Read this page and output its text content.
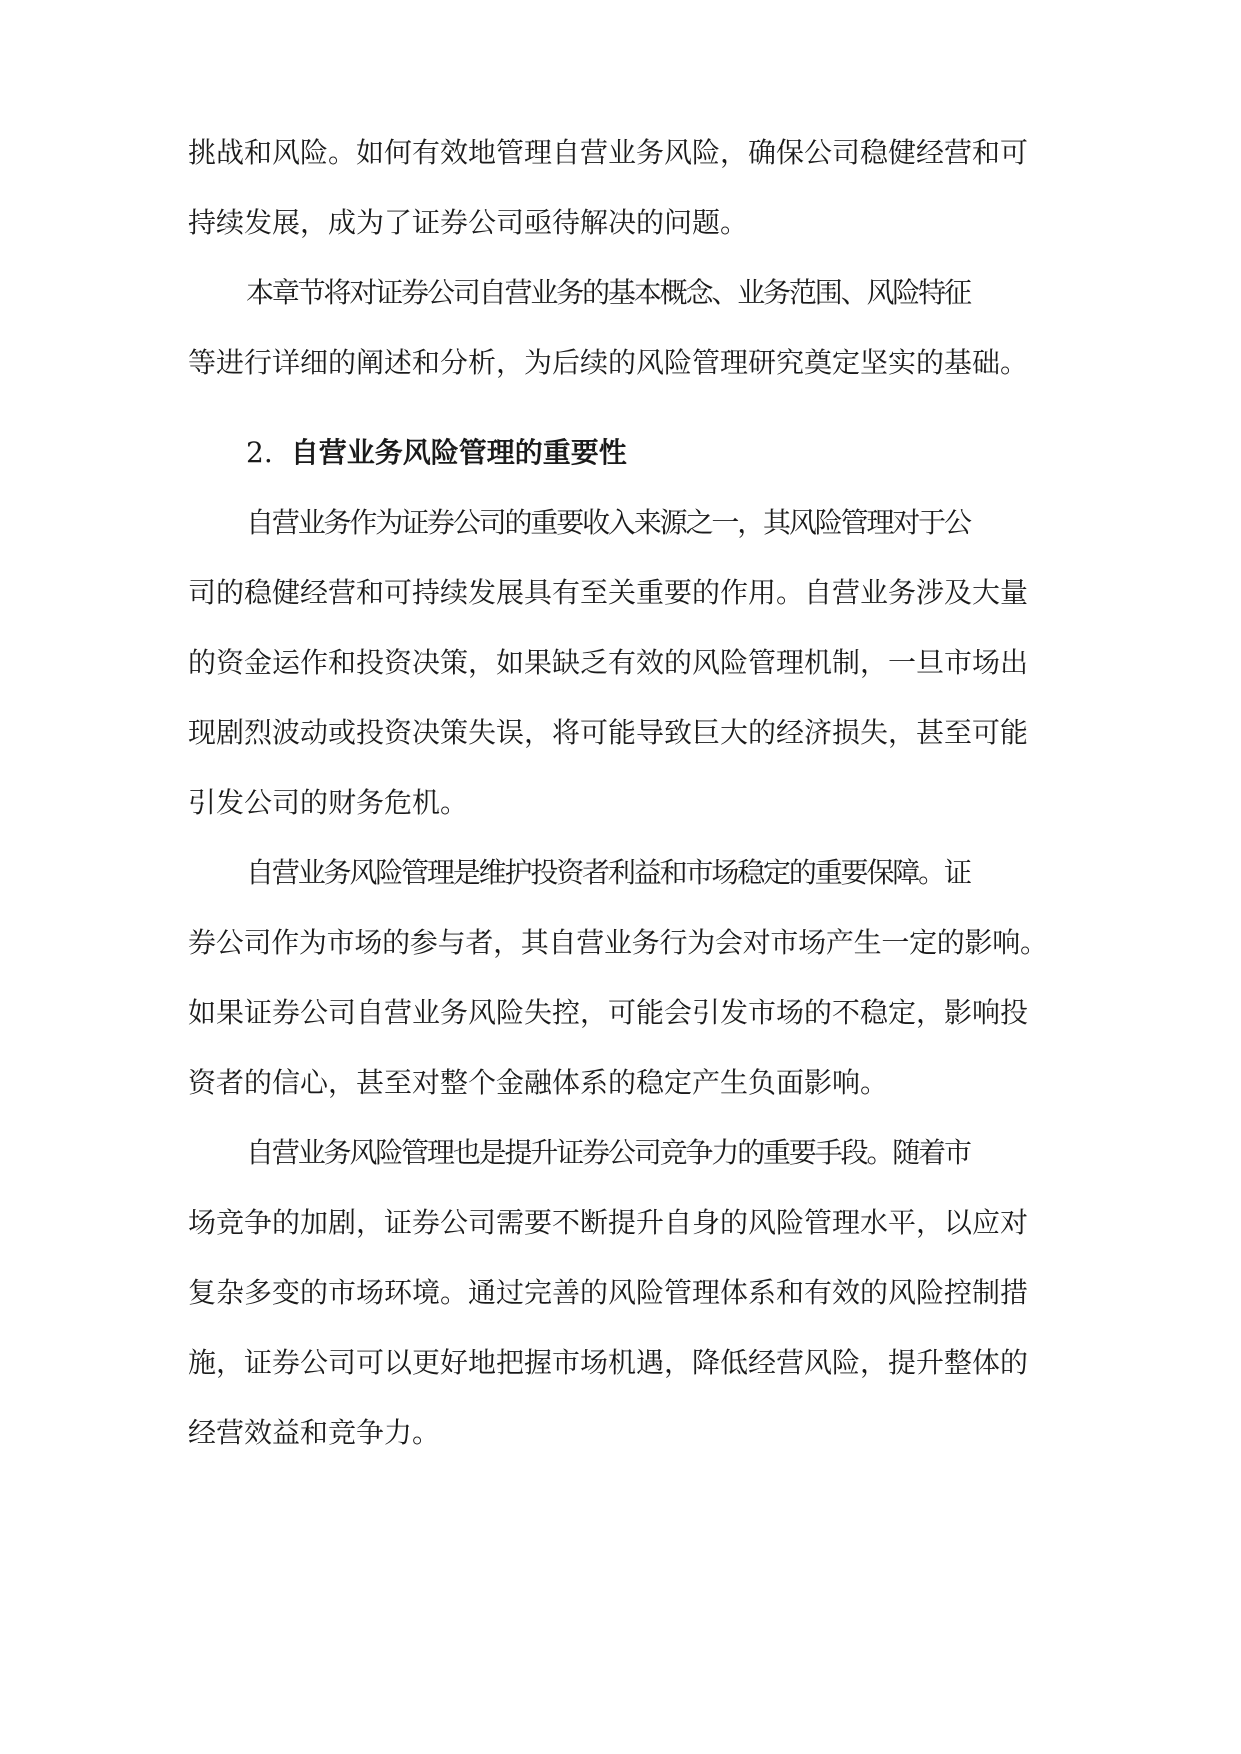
挑战和风险。如何有效地管理自营业务风险，确保公司稳健经营和可
持续发展，成为了证券公司亟待解决的问题。
本章节将对证券公司自营业务的基本概念、业务范围、风险特征
等进行详细的阐述和分析，为后续的风险管理研究奠定坚实的基础。
2. 自营业务风险管理的重要性
自营业务作为证券公司的重要收入来源之一，其风险管理对于公
司的稳健经营和可持续发展具有至关重要的作用。自营业务涉及大量
的资金运作和投资决策，如果缺乏有效的风险管理机制，一旦市场出
现剧烈波动或投资决策失误，将可能导致巨大的经济损失，甚至可能
引发公司的财务危机。
自营业务风险管理是维护投资者利益和市场稳定的重要保障。证
券公司作为市场的参与者，其自营业务行为会对市场产生一定的影响。
如果证券公司自营业务风险失控，可能会引发市场的不稳定，影响投
资者的信心，甚至对整个金融体系的稳定产生负面影响。
自营业务风险管理也是提升证券公司竞争力的重要手段。随着市
场竞争的加剧，证券公司需要不断提升自身的风险管理水平，以应对
复杂多变的市场环境。通过完善的风险管理体系和有效的风险控制措
施，证券公司可以更好地把握市场机遇，降低经营风险，提升整体的
经营效益和竞争力。
